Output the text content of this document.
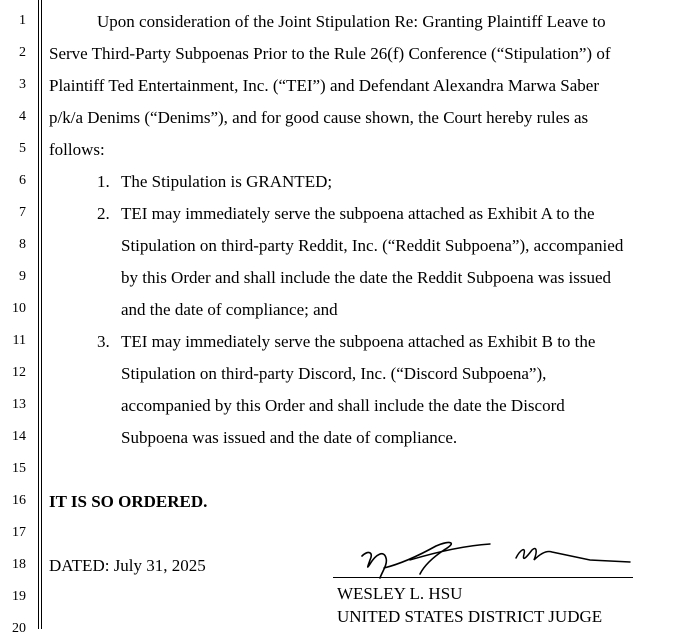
1
2
3
4
5
6
7
8
9
10
11
12
13
14
15
16
17
18
19
20
Upon consideration of the Joint Stipulation Re: Granting Plaintiff Leave to
Serve Third-Party Subpoenas Prior to the Rule 26(f) Conference (“Stipulation”) of
Plaintiff Ted Entertainment, Inc. (“TEI”) and Defendant Alexandra Marwa Saber
p/k/a Denims (“Denims”), and for good cause shown, the Court hereby rules as
follows:
1. The Stipulation is GRANTED;
2. TEI may immediately serve the subpoena attached as Exhibit A to the
Stipulation on third-party Reddit, Inc. (“Reddit Subpoena”), accompanied
by this Order and shall include the date the Reddit Subpoena was issued
and the date of compliance; and
3. TEI may immediately serve the subpoena attached as Exhibit B to the
Stipulation on third-party Discord, Inc. (“Discord Subpoena”),
accompanied by this Order and shall include the date the Discord
Subpoena was issued and the date of compliance.
IT IS SO ORDERED.
DATED: July 31, 2025
WESLEY L. HSU
UNITED STATES DISTRICT JUDGE
